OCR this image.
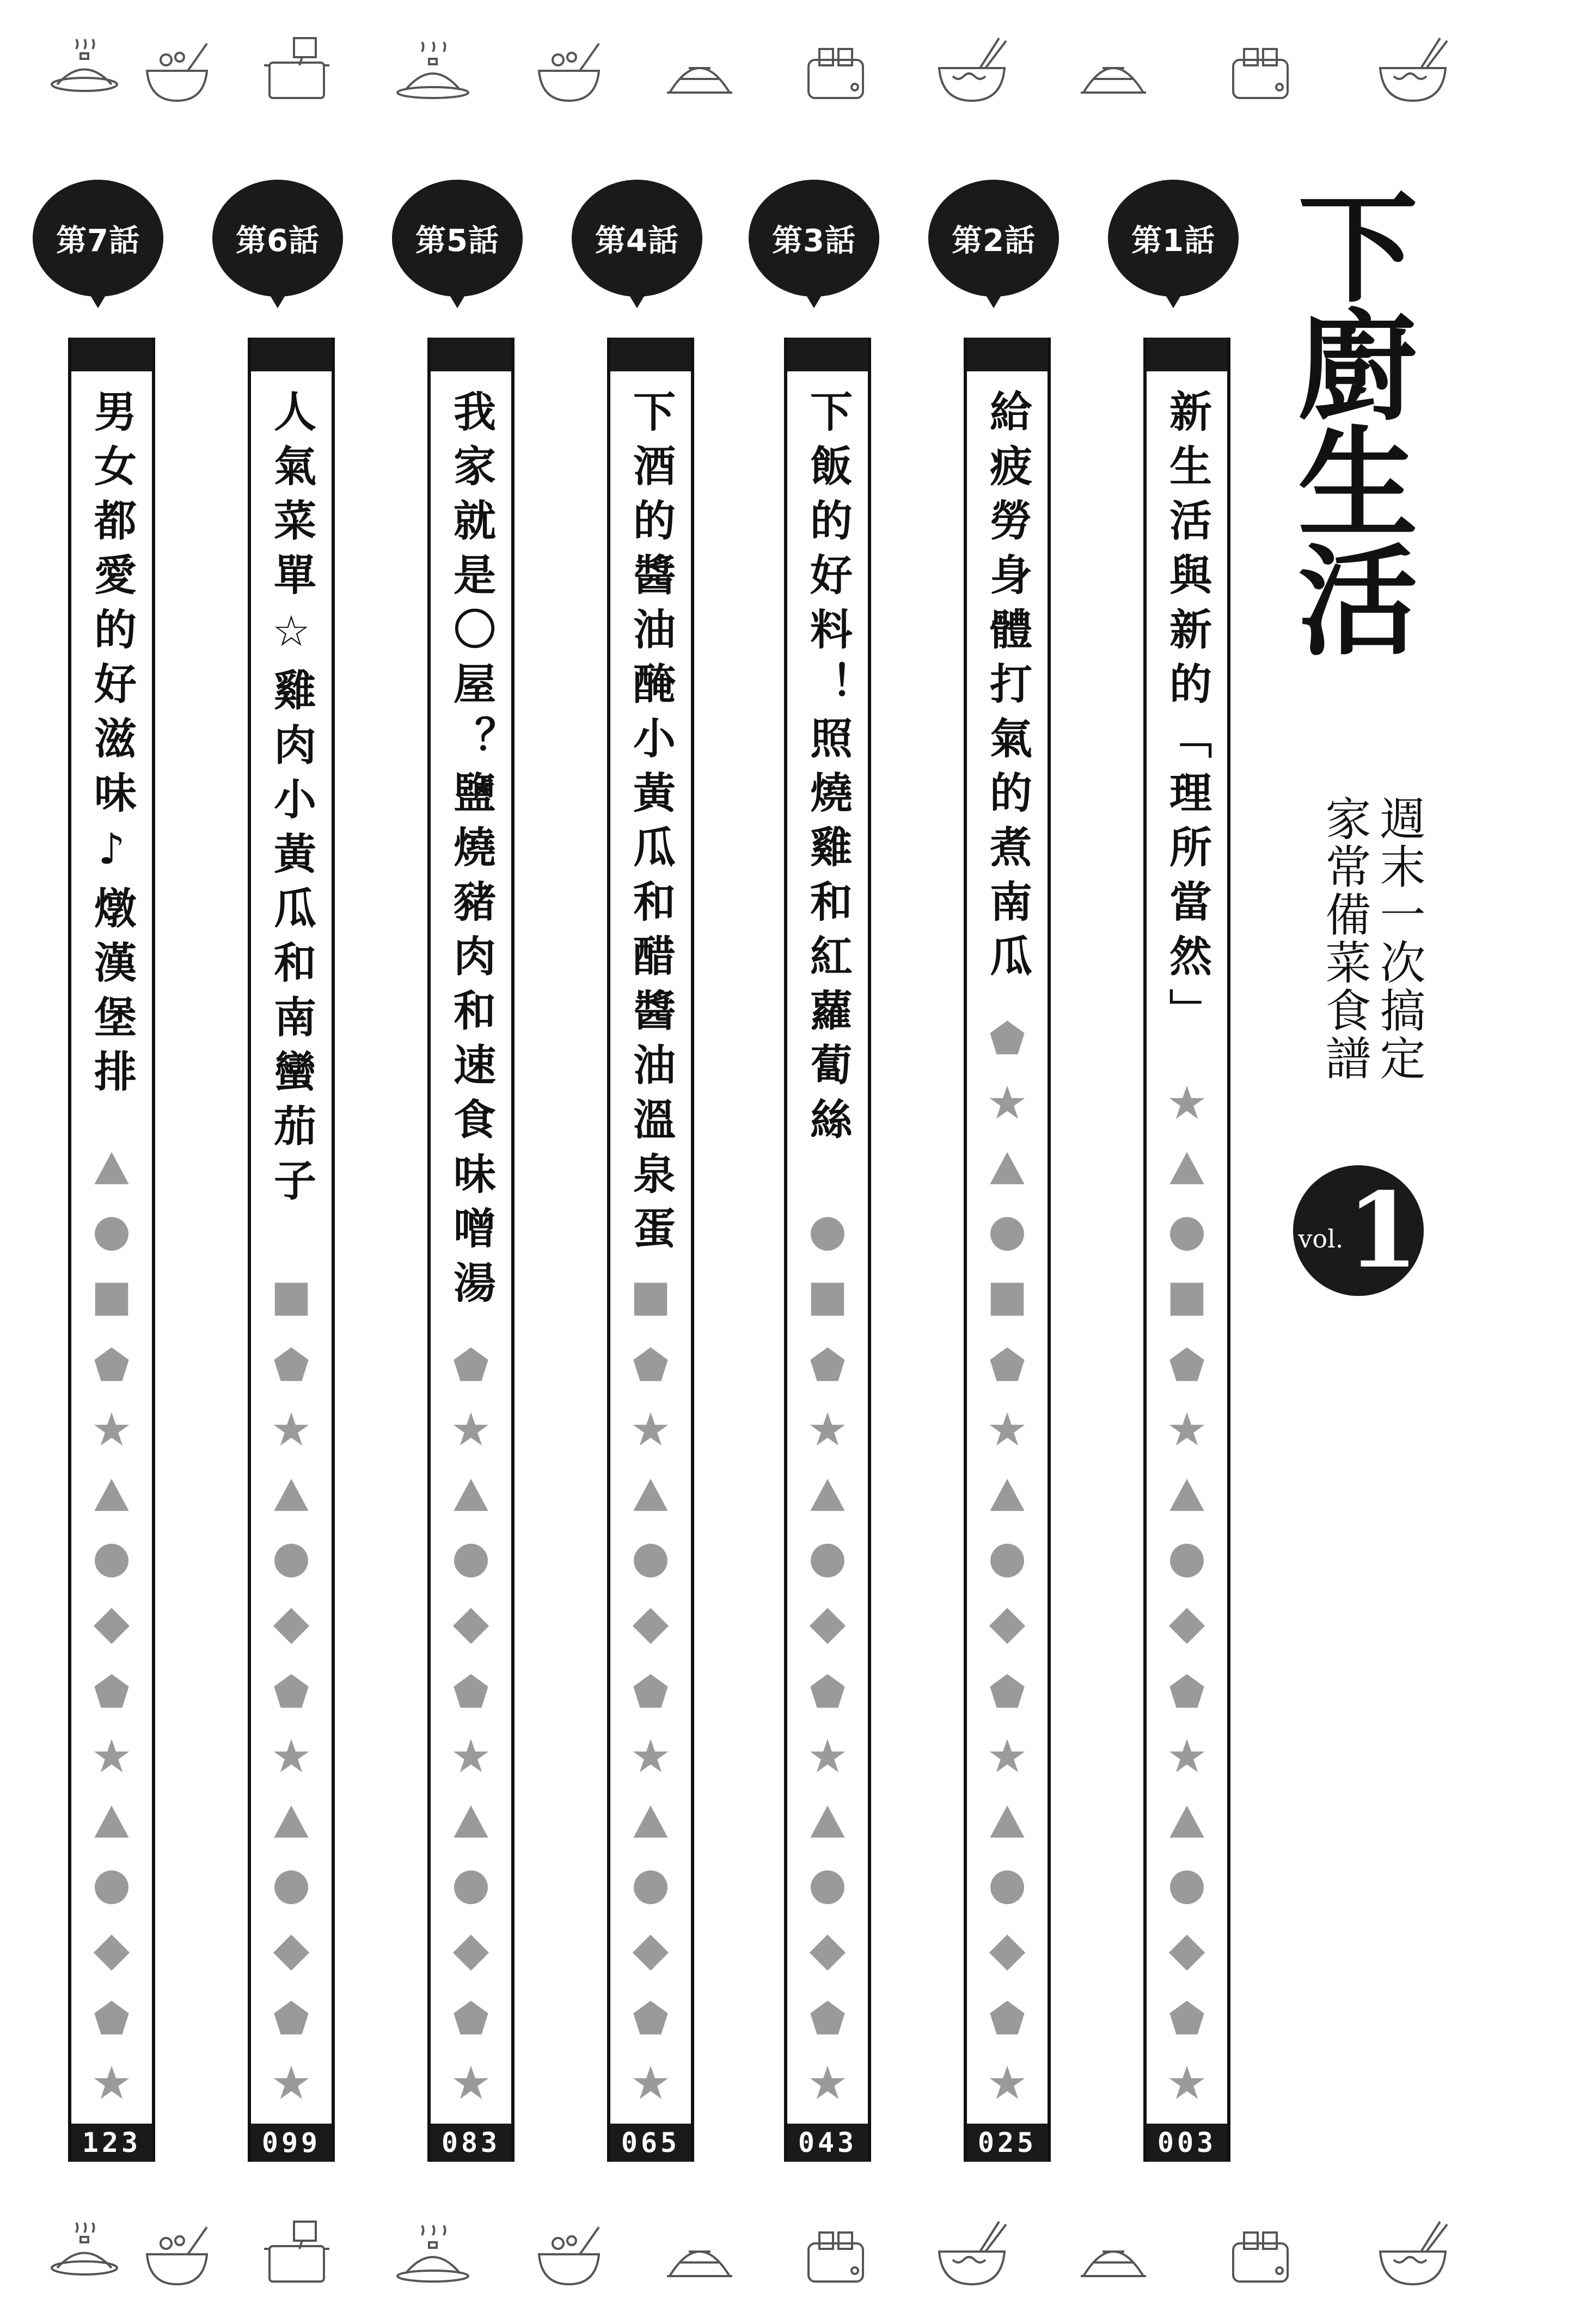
第1話
新生活與新的「理所當然」
003
第2話
給疲勞身體打氣的煮南瓜
025
第3話
下飯的好料！照燒雞和紅蘿蔔絲
043
第4話
下酒的醬油醃小黃瓜和醋醬油溫泉蛋
065
第5話
我家就是〇屋？鹽燒豬肉和速食味噌湯
083
第6話
人氣菜單☆雞肉小黃瓜和南蠻茄子
099
第7話
男女都愛的好滋味♪燉漢堡排
123
下廚生活
週末一次搞定
家常備菜食譜
vol. 1
